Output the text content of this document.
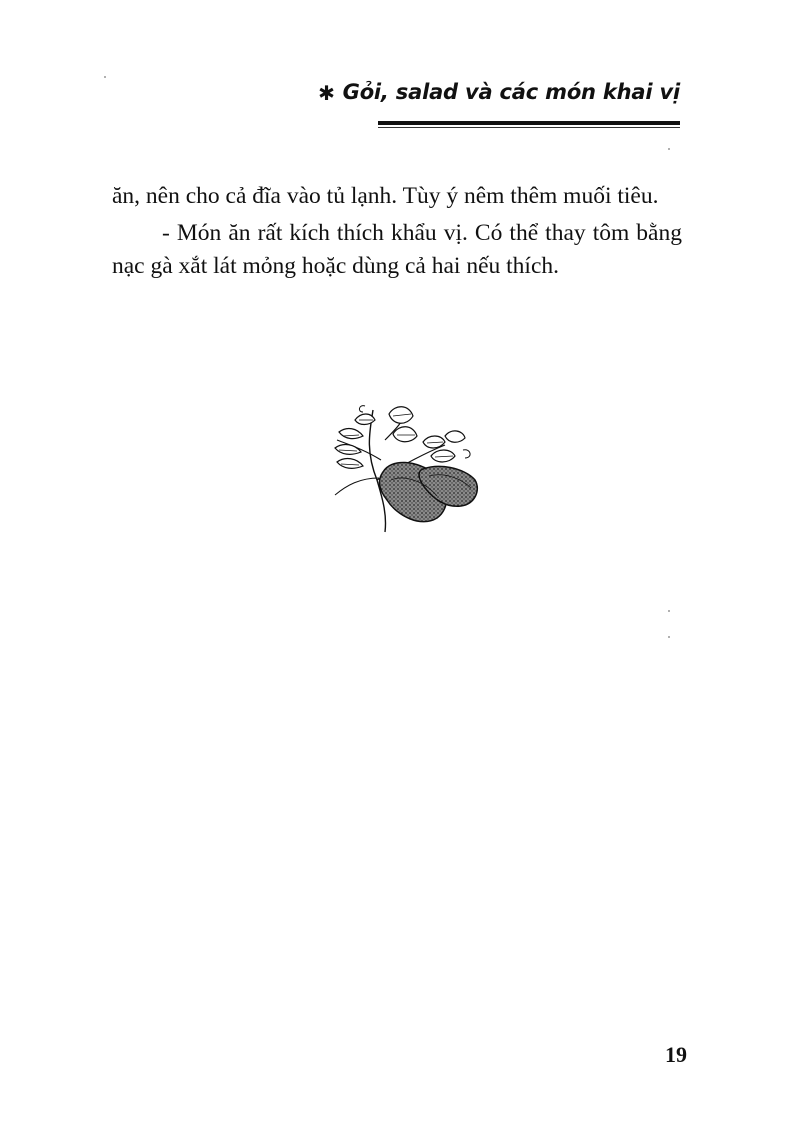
✱ Gỏi, salad và các món khai vị

ăn, nên cho cả đĩa vào tủ lạnh. Tùy ý nêm thêm muối tiêu.

- Món ăn rất kích thích khẩu vị. Có thể thay tôm bằng nạc gà xắt lát mỏng hoặc dùng cả hai nếu thích.

19
